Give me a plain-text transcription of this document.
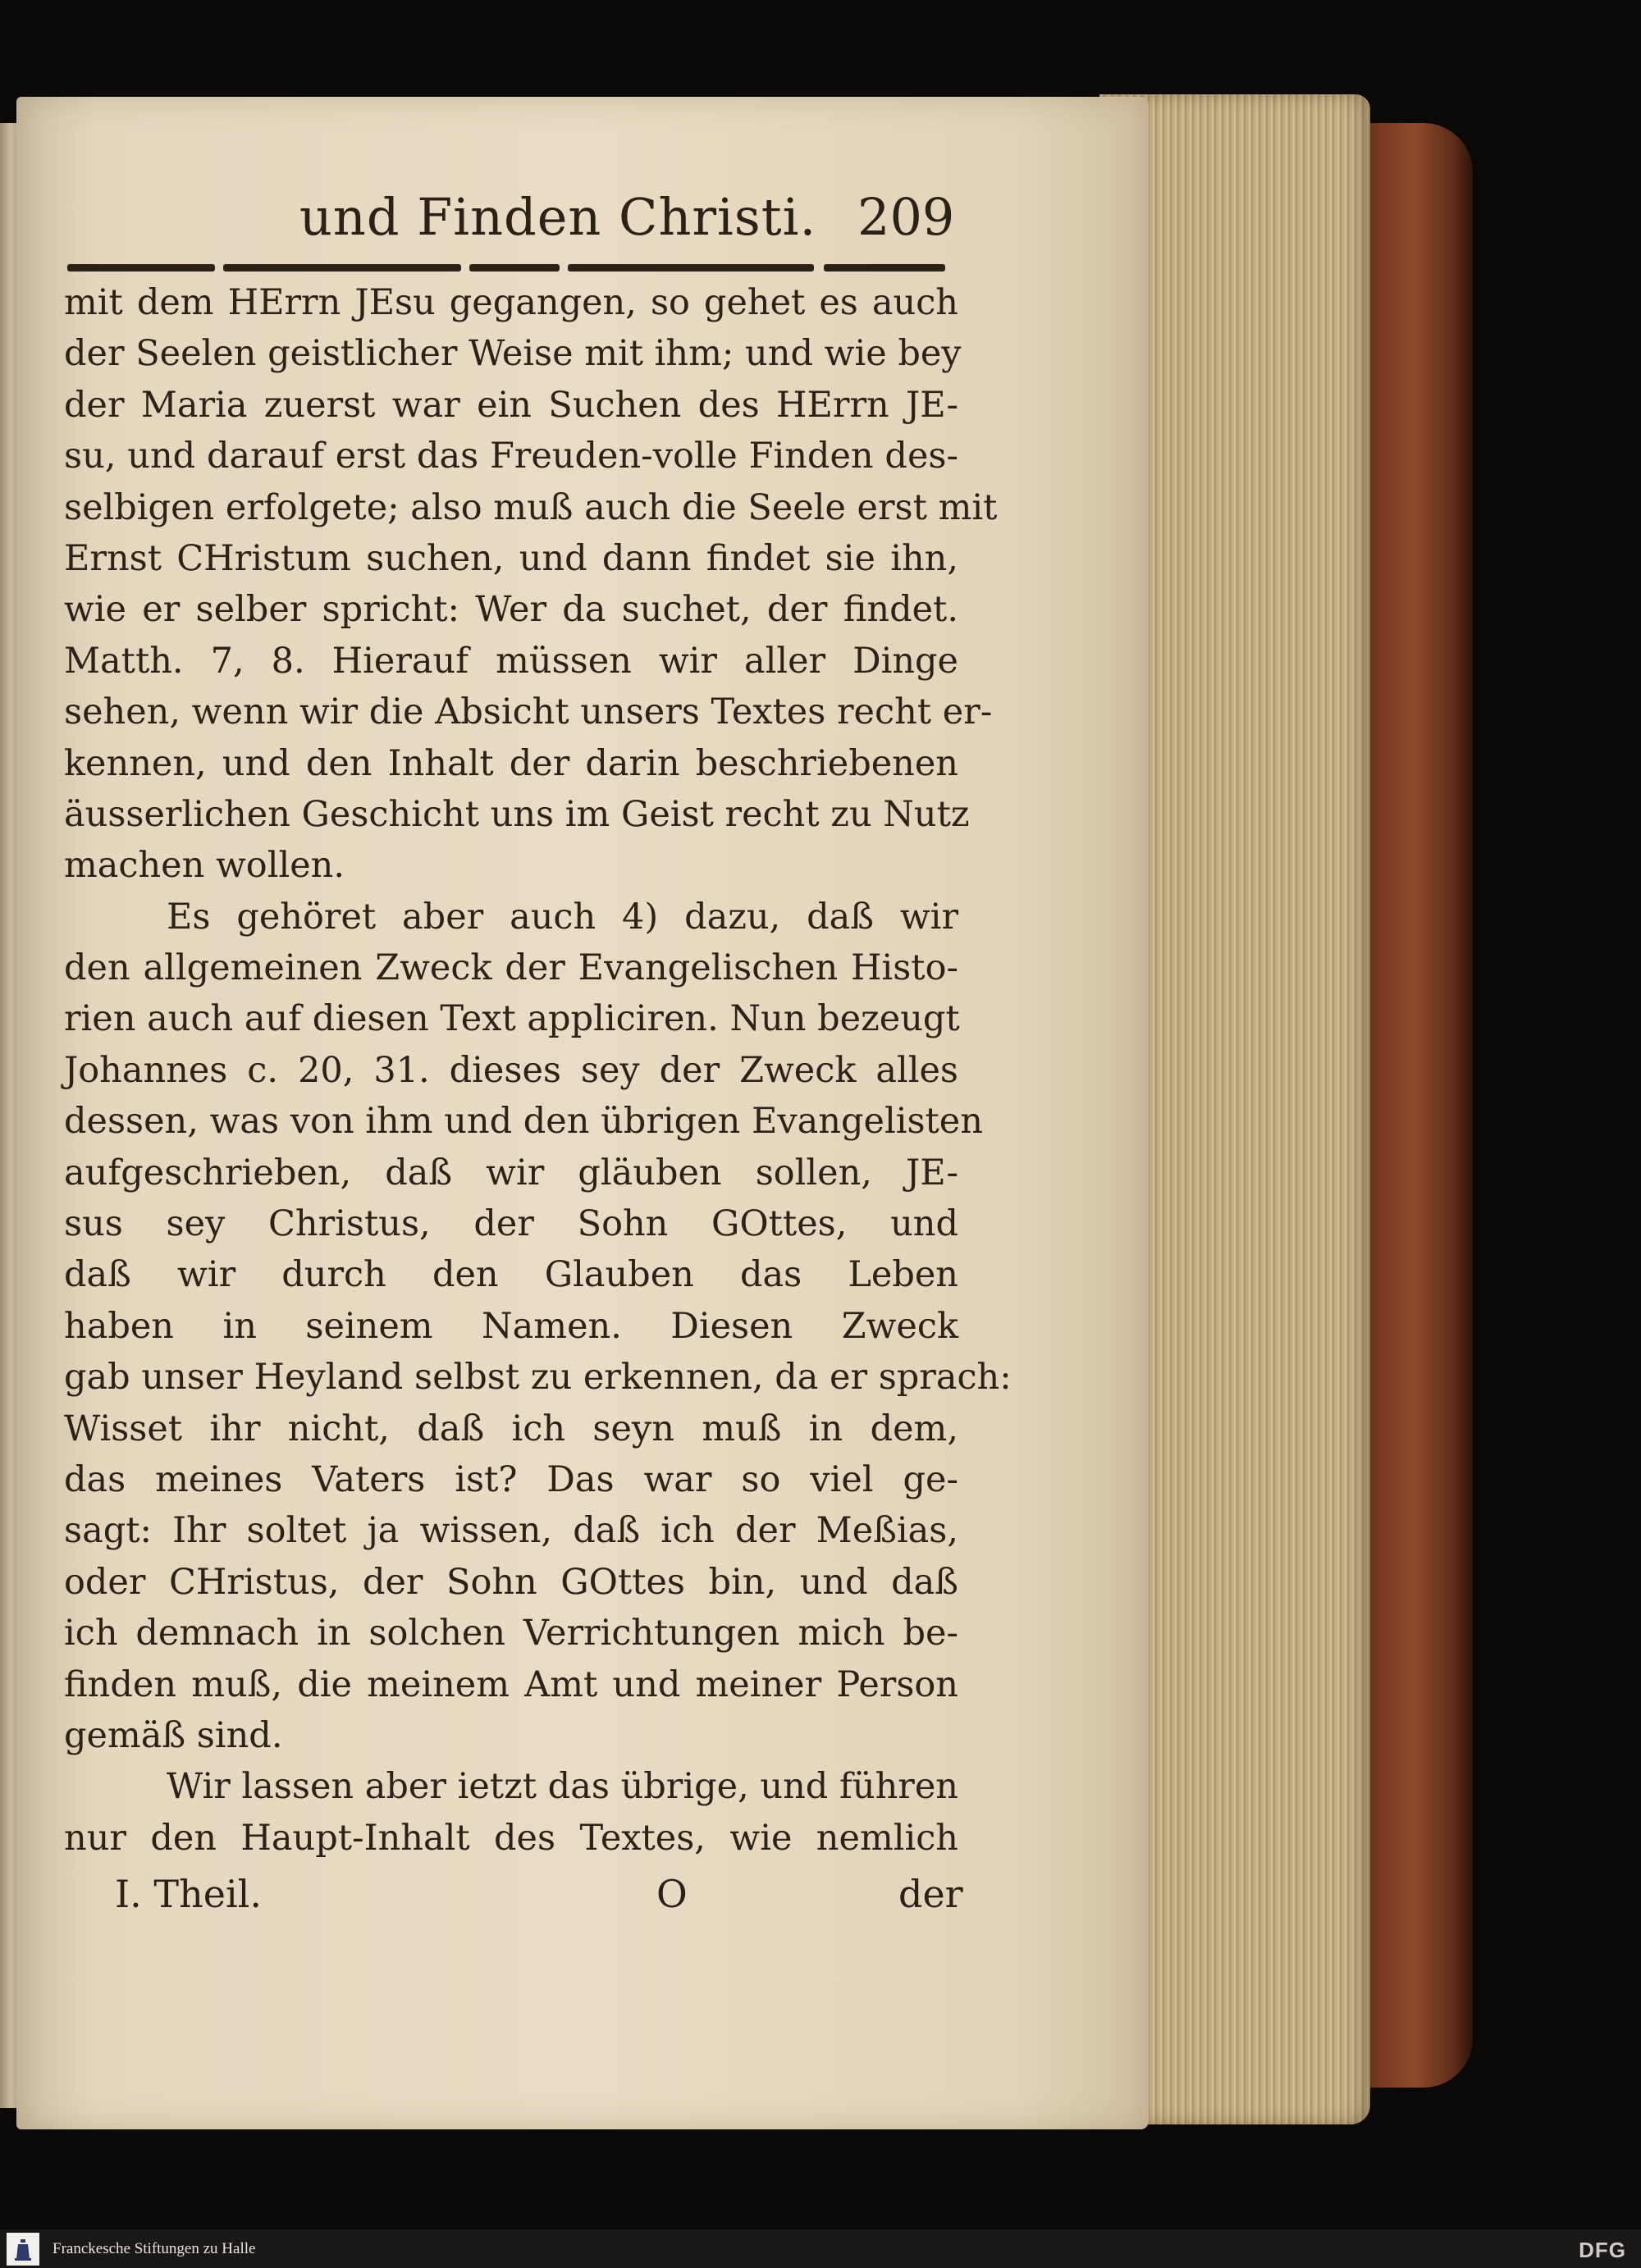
und Finden Christi. 209
mit dem HErrn JEsu gegangen, so gehet es auch
der Seelen geistlicher Weise mit ihm; und wie bey
der Maria zuerst war ein Suchen des HErrn JE-
su, und darauf erst das Freuden-volle Finden des-
selbigen erfolgete; also muß auch die Seele erst mit
Ernst CHristum suchen, und dann findet sie ihn,
wie er selber spricht: Wer da suchet, der findet.
Matth. 7, 8. Hierauf müssen wir aller Dinge
sehen, wenn wir die Absicht unsers Textes recht er-
kennen, und den Inhalt der darin beschriebenen
äusserlichen Geschicht uns im Geist recht zu Nutz
machen wollen.
Es gehöret aber auch 4) dazu, daß wir
den allgemeinen Zweck der Evangelischen Histo-
rien auch auf diesen Text appliciren. Nun bezeugt
Johannes c. 20, 31. dieses sey der Zweck alles
dessen, was von ihm und den übrigen Evangelisten
aufgeschrieben, daß wir gläuben sollen, JE-
sus sey Christus, der Sohn GOttes, und
daß wir durch den Glauben das Leben
haben in seinem Namen. Diesen Zweck
gab unser Heyland selbst zu erkennen, da er sprach:
Wisset ihr nicht, daß ich seyn muß in dem,
das meines Vaters ist? Das war so viel ge-
sagt: Ihr soltet ja wissen, daß ich der Meßias,
oder CHristus, der Sohn GOttes bin, und daß
ich demnach in solchen Verrichtungen mich be-
finden muß, die meinem Amt und meiner Person
gemäß sind.
Wir lassen aber ietzt das übrige, und führen
nur den Haupt-Inhalt des Textes, wie nemlich
I. Theil.	O	der
Franckesche Stiftungen zu Halle	DFG
